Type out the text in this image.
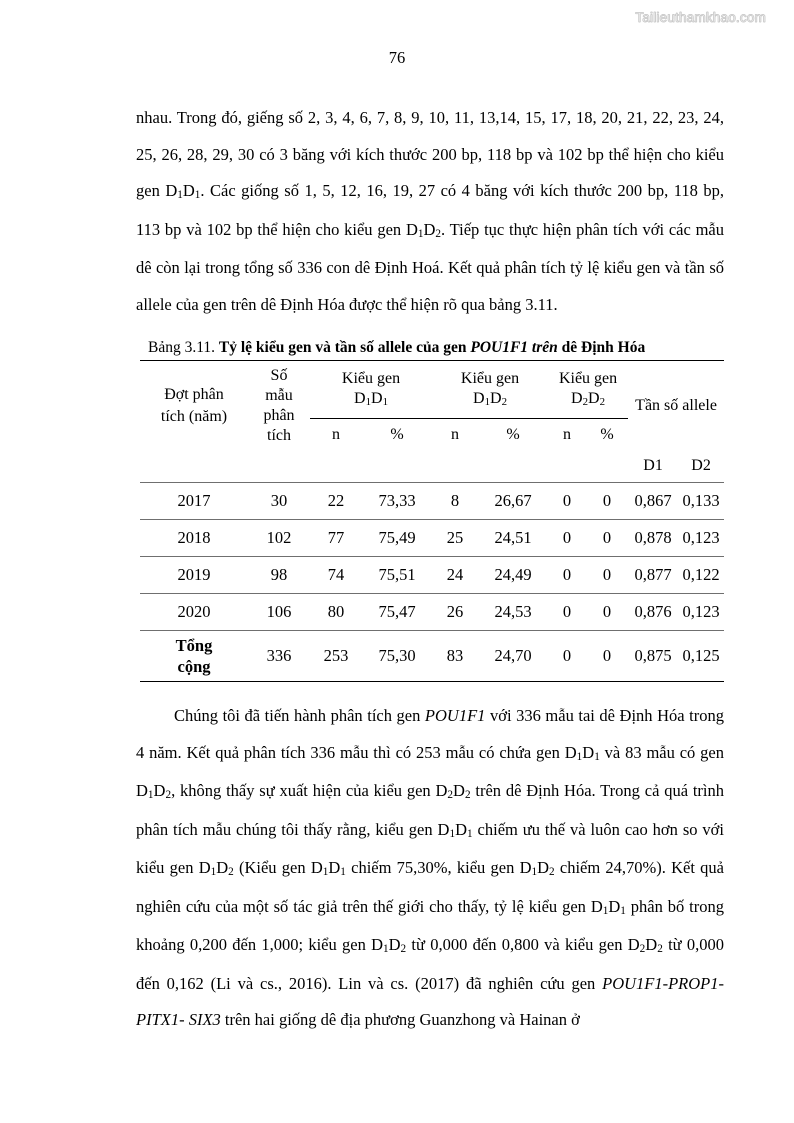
Tailieuthamkhao.com
76

nhau. Trong đó, giếng số 2, 3, 4, 6, 7, 8, 9, 10, 11, 13,14, 15, 17, 18, 20, 21, 22, 23, 24, 25, 26, 28, 29, 30 có 3 băng với kích thước 200 bp, 118 bp và 102 bp thể hiện cho kiểu gen $D_1D_1$. Các giống số 1, 5, 12, 16, 19, 27 có 4 băng với kích thước 200 bp, 118 bp, 113 bp và 102 bp thể hiện cho kiểu gen $D_1D_2$. Tiếp tục thực hiện phân tích với các mẫu dê còn lại trong tổng số 336 con dê Định Hoá. Kết quả phân tích tỷ lệ kiểu gen và tần số allele của gen trên dê Định Hóa được thể hiện rõ qua bảng 3.11.

Bảng 3.11. Tỷ lệ kiểu gen và tần số allele của gen POU1F1 trên dê Định Hóa
Đợt phân
tích (năm)	Số
mẫu
phân
tích	Kiểu gen
$D_1D_1$		Kiểu gen
$D_1D_2$		Kiểu gen
$D_2D_2$		Tần số allele	
		n	%	n	%	n	%		
								D1	D2
2017	30	22	73,33	8	26,67	0	0	0,867	0,133
2018	102	77	75,49	25	24,51	0	0	0,878	0,123
2019	98	74	75,51	24	24,49	0	0	0,877	0,122
2020	106	80	75,47	26	24,53	0	0	0,876	0,123
Tổng
cộng	336	253	75,30	83	24,70	0	0	0,875	0,125

Chúng tôi đã tiến hành phân tích gen POU1F1 với 336 mẫu tai dê Định Hóa trong 4 năm. Kết quả phân tích 336 mẫu thì có 253 mẫu có chứa gen $D_1D_1$ và 83 mẫu có gen $D_1D_2$, không thấy sự xuất hiện của kiểu gen $D_2D_2$ trên dê Định Hóa. Trong cả quá trình phân tích mẫu chúng tôi thấy rằng, kiểu gen $D_1D_1$ chiếm ưu thế và luôn cao hơn so với kiểu gen $D_1D_2$ (Kiểu gen $D_1D_1$ chiếm 75,30%, kiểu gen $D_1D_2$ chiếm 24,70%). Kết quả nghiên cứu của một số tác giả trên thế giới cho thấy, tỷ lệ kiểu gen $D_1D_1$ phân bố trong khoảng 0,200 đến 1,000; kiểu gen $D_1D_2$ từ 0,000 đến 0,800 và kiểu gen $D_2D_2$ từ 0,000 đến 0,162 (Li và cs., 2016). Lin và cs. (2017) đã nghiên cứu gen POU1F1-PROP1- PITX1- SIX3 trên hai giống dê địa phương Guanzhong và Hainan ở
